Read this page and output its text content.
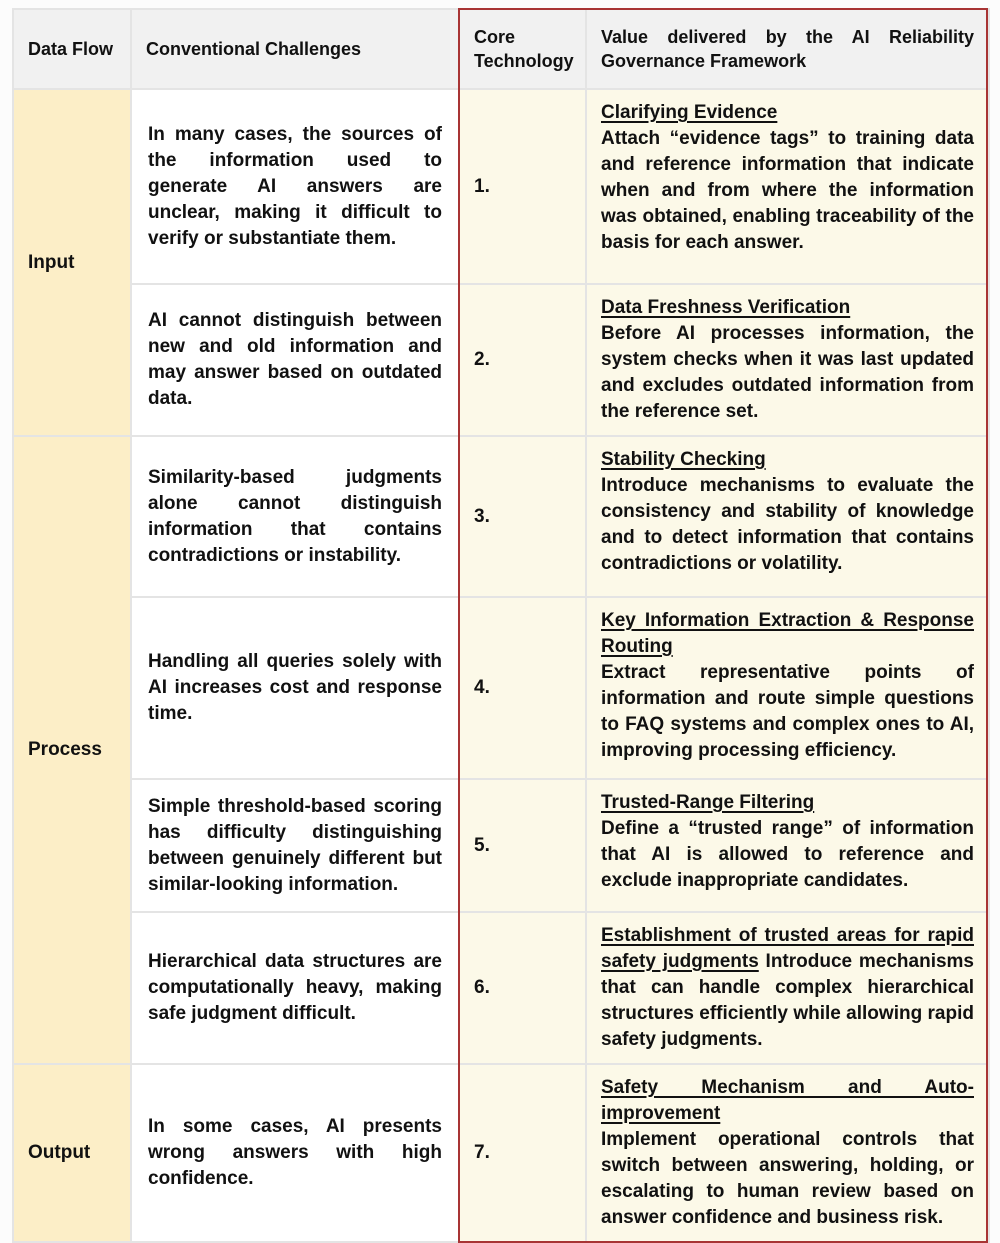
Data Flow	Conventional Challenges	Core Technology	Value delivered by the AI Reliability Governance Framework
Input	In many cases, the sources of the information used to generate AI answers are unclear, making it difficult to verify or substantiate them.	1.	Clarifying Evidence
Attach “evidence tags” to training data and reference information that indicate when and from where the information was obtained, enabling traceability of the basis for each answer.

	AI cannot distinguish between new and old information and may answer based on outdated data.	2.	Data Freshness Verification
Before AI processes information, the system checks when it was last updated and excludes outdated information from the reference set.

Process	Similarity-based judgments alone cannot distinguish information that contains contradictions or instability.	3.	Stability Checking
Introduce mechanisms to evaluate the consistency and stability of knowledge and to detect information that contains contradictions or volatility.

	Handling all queries solely with AI increases cost and response time.	4.	Key Information Extraction & Response Routing
Extract representative points of information and route simple questions to FAQ systems and complex ones to AI, improving processing efficiency.

	Simple threshold-based scoring has difficulty distinguishing between genuinely different but similar-looking information.	5.	Trusted-Range Filtering
Define a “trusted range” of information that AI is allowed to reference and exclude inappropriate candidates.

	Hierarchical data structures are computationally heavy, making safe judgment difficult.	6.	Establishment of trusted areas for rapid safety judgments Introduce mechanisms that can handle complex hierarchical structures efficiently while allowing rapid safety judgments.

Output	In some cases, AI presents wrong answers with high confidence.	7.	Safety Mechanism and Auto-improvement
Implement operational controls that switch between answering, holding, or escalating to human review based on answer confidence and business risk.
